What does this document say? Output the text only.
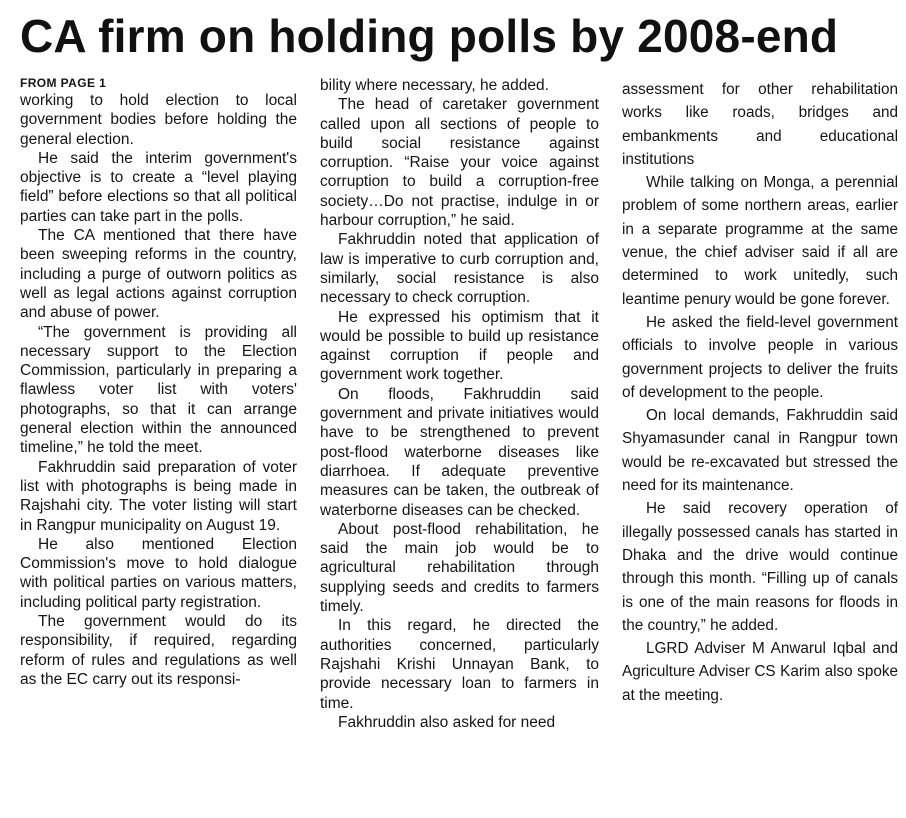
CA firm on holding polls by 2008-end
FROM PAGE 1

working to hold election to local government bodies before holding the general election.

He said the interim government's objective is to create a “level playing field” before elections so that all political parties can take part in the polls.

The CA mentioned that there have been sweeping reforms in the country, including a purge of outworn politics as well as legal actions against corruption and abuse of power.

“The government is providing all necessary support to the Election Commission, particularly in preparing a flawless voter list with voters' photographs, so that it can arrange general election within the announced timeline,” he told the meet.

Fakhruddin said preparation of voter list with photographs is being made in Rajshahi city. The voter listing will start in Rangpur municipality on August 19.

He also mentioned Election Commission's move to hold dialogue with political parties on various matters, including political party registration.

The government would do its responsibility, if required, regarding reform of rules and regulations as well as the EC carry out its responsi-

bility where necessary, he added.

The head of caretaker government called upon all sections of people to build social resistance against corruption. “Raise your voice against corruption to build a corruption-free society…Do not practise, indulge in or harbour corruption,” he said.

Fakhruddin noted that application of law is imperative to curb corruption and, similarly, social resistance is also necessary to check corruption.

He expressed his optimism that it would be possible to build up resistance against corruption if people and government work together.

On floods, Fakhruddin said government and private initiatives would have to be strengthened to prevent post-flood waterborne diseases like diarrhoea. If adequate preventive measures can be taken, the outbreak of waterborne diseases can be checked.

About post-flood rehabilitation, he said the main job would be to agricultural rehabilitation through supplying seeds and credits to farmers timely.

In this regard, he directed the authorities concerned, particularly Rajshahi Krishi Unnayan Bank, to provide necessary loan to farmers in time.

Fakhruddin also asked for need

assessment for other rehabilitation works like roads, bridges and embankments and educational institutions

While talking on Monga, a perennial problem of some northern areas, earlier in a separate programme at the same venue, the chief adviser said if all are determined to work unitedly, such leantime penury would be gone forever.

He asked the field-level government officials to involve people in various government projects to deliver the fruits of development to the people.

On local demands, Fakhruddin said Shyamasunder canal in Rangpur town would be re-excavated but stressed the need for its maintenance.

He said recovery operation of illegally possessed canals has started in Dhaka and the drive would continue through this month. “Filling up of canals is one of the main reasons for floods in the country,” he added.

LGRD Adviser M Anwarul Iqbal and Agriculture Adviser CS Karim also spoke at the meeting.
